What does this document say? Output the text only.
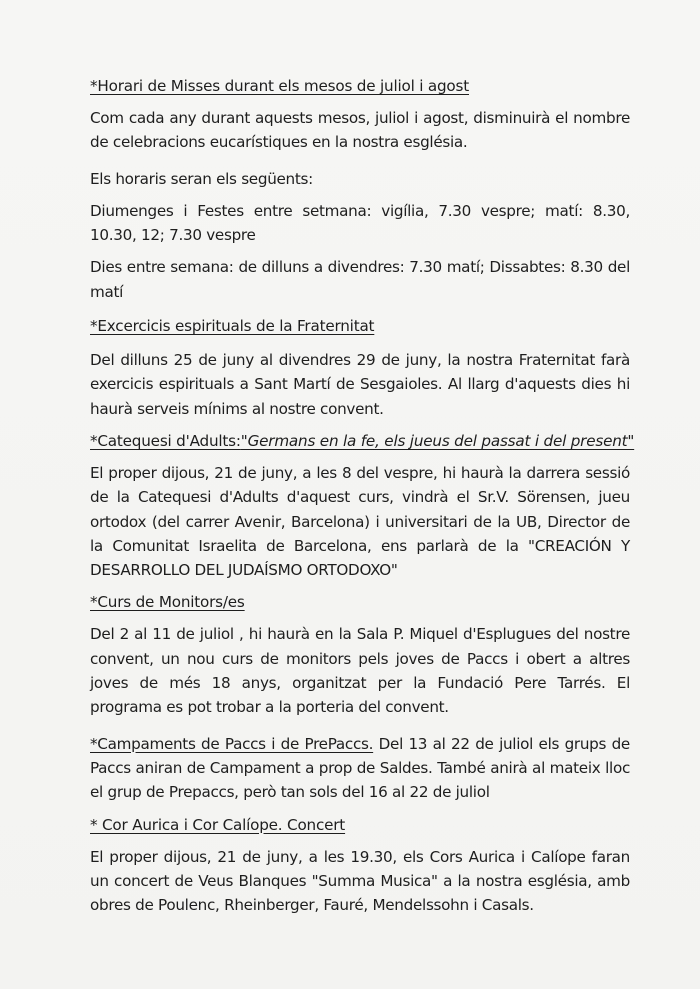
*Horari de Misses durant els mesos de juliol i agost
Com cada any durant aquests mesos, juliol i agost, disminuirà el nombre de celebracions eucarístiques en la nostra església.
Els horaris seran els següents:
Diumenges i Festes entre setmana: vigília, 7.30 vespre; matí: 8.30, 10.30, 12; 7.30 vespre
Dies entre semana: de dilluns a divendres: 7.30 matí; Dissabtes: 8.30 del matí
*Excercicis espirituals de la Fraternitat
Del dilluns 25 de juny al divendres 29 de juny, la nostra Fraternitat farà exercicis espirituals a Sant Martí de Sesgaioles. Al llarg d'aquests dies hi haurà serveis mínims al nostre convent.
*Catequesi d'Adults:"Germans en la fe, els jueus del passat i del present"
El proper dijous, 21 de juny, a les 8 del vespre, hi haurà la darrera sessió de la Catequesi d'Adults d'aquest curs, vindrà el Sr.V. Sörensen, jueu ortodox (del carrer Avenir, Barcelona) i universitari de la UB, Director de la Comunitat Israelita de Barcelona, ens parlarà de la "CREACIÓN Y DESARROLLO DEL JUDAÍSMO ORTODOXO"
*Curs de Monitors/es
Del 2 al 11 de juliol , hi haurà en la Sala P. Miquel d'Esplugues del nostre convent, un nou curs de monitors pels joves de Paccs i obert a altres joves de més 18 anys, organitzat per la Fundació Pere Tarrés. El programa es pot trobar a la porteria del convent.
*Campaments de Paccs i de PrePaccs. Del 13 al 22 de juliol els grups de Paccs aniran de Campament a prop de Saldes. També anirà al mateix lloc el grup de Prepaccs, però tan sols del 16 al 22 de juliol
* Cor Aurica i Cor Calíope. Concert
El proper dijous, 21 de juny, a les 19.30, els Cors Aurica i Calíope faran un concert de Veus Blanques "Summa Musica" a la nostra església, amb obres de Poulenc, Rheinberger, Fauré, Mendelssohn i Casals.
